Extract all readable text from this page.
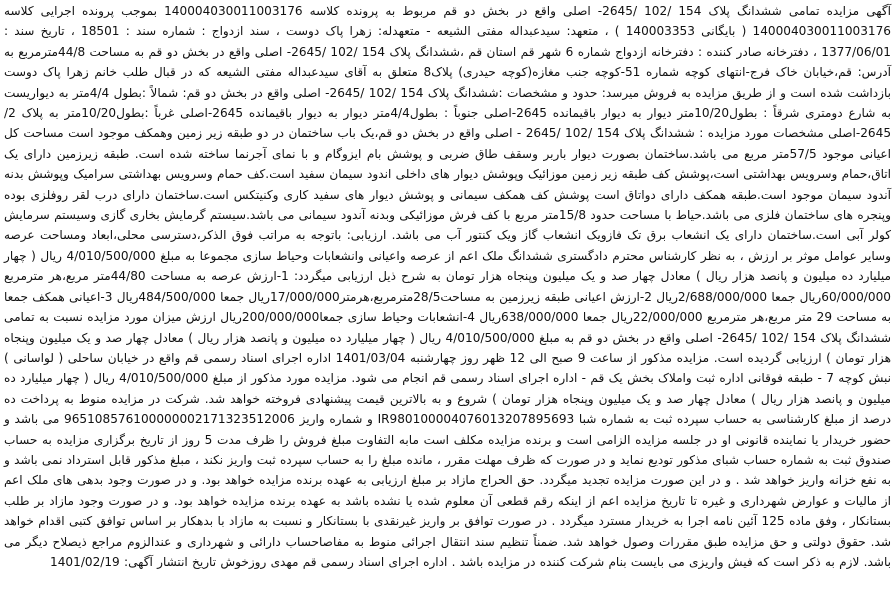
آگهی مزایده تمامی ششدانگ پلاک 154 /102 /2645- اصلی واقع در بخش دو قم مربوط به پرونده کلاسه 140004030011003176 بموجب پرونده اجرایی کلاسه 140004030011003176 ( بایگانی 140003353 ) ، متعهد: سیدعبداله مفتی الشیعه - متعهدله: زهرا پاک دوست ، سند ازدواج : شماره سند : 18501 ، تاریخ سند : 1377/06/01 ، دفترخانه صادر کننده : دفترخانه ازدواج شماره 6 شهر قم استان قم ،ششدانگ پلاک 154 /102 /2645- اصلی واقع در بخش دو قم به مساحت 44/8مترمربع به آدرس: قم،خیابان خاک فرج-انتهای کوچه شماره 51-کوچه جنب مغازه(کوچه حیدری) پلاک8 متعلق به آقای سیدعبداله مفتی الشیعه که در قبال طلب خانم زهرا پاک دوست بازداشت شده است و از طریق مزایده به فروش میرسد: حدود و مشخصات :ششدانگ پلاک 154 /102 /2645- اصلی واقع در بخش دو قم: شمالاً :بطول 4/4متر به دیواریست به شارع دومتری شرقاً : بطول10/20متر دیوار به دیوار باقیمانده 2645-اصلی جنوباً : بطول4/4متر دیوار به دیوار باقیمانده 2645-اصلی غرباً :بطول10/20متر به پلاک 2/ 2645-اصلی مشخصات مورد مزایده : ششدانگ پلاک 154 /102 /2645 - اصلی واقع در بخش دو قم،یک باب ساختمان در دو طبقه زیر زمین وهمکف موجود است مساحت کل اعیانی موجود 57/5متر مربع می باشد.ساختمان بصورت دیوار باربر وسقف طاق ضربی و پوشش بام ایزوگام و با نمای آجرنما ساخته شده است. طبقه زیرزمین دارای یک اتاق،حمام وسرویس بهداشتی است،پوشش کف طبقه زیر زمین موزائیک وپوشش دیوار های داخلی اندود سیمان سفید است.کف حمام وسرویس بهداشتی سرامیک وپوشش بدنه آندود سیمان موجود است.طبقه همکف دارای دواتاق است پوشش کف همکف سیمانی و پوشش دیوار های سفید کاری وکنیتکس است.ساختمان دارای درب لقر روفلزی بوده وپنجره های ساختمان فلزی می باشد.حیاط با مساحت حدود 15/8متر مربع با کف فرش موزائیکی وبدنه آندود سیمانی می باشد.سیستم گرمایش بخاری گازی وسیستم سرمایش کولر آبی است.ساختمان دارای یک انشعاب برق تک فازویک انشعاب گاز ویک کنتور آب می باشد. ارزیابی: باتوجه به مراتب فوق الذکر،دسترسی محلی،ابعاد ومساحت عرصه وسایر عوامل موثر بر ارزش ، به نظر کارشناس محترم دادگستری ششدانگ ملک اعم از عرصه واعیانی وانشعابات وحیاط سازی مجموعا به مبلغ 4/010/500/000 ریال ( چهار میلیارد ده میلیون و پانصد هزار ریال ) معادل چهار صد و یک میلیون وپنجاه هزار تومان به شرح ذیل ارزیابی میگردد: 1-ارزش عرصه به مساحت 44/80متر مربع،هر مترمربع 60/000/000ریال جمعا 2/688/000/000ریال 2-ارزش اعیانی طبقه زیرزمین به مساحت28/5مترمربع،هرمتر17/000/000ریال جمعا 484/500/000ریال 3-اعیانی همکف جمعا به مساحت 29 متر مربع،هر مترمربع 22/000/000ریال جمعا 638/000/000ریال 4-انشعابات وحیاط سازی جمعا200/000/000ریال ارزش میزان مورد مزایده نسبت به تمامی ششدانگ پلاک 154 /102 /2645- اصلی واقع در بخش دو قم به مبلغ 4/010/500/000 ریال ( چهار میلیارد ده میلیون و پانصد هزار ریال ) معادل چهار صد و یک میلیون وپنجاه هزار تومان ) ارزیابی گردیده است. مزایده مذکور از ساعت 9 صبح الی 12 ظهر روز چهارشنبه 1401/03/04 اداره اجرای اسناد رسمی قم واقع در خیابان ساحلی ( لواسانی ) نبش کوچه 7 - طبقه فوقانی اداره ثبت واملاک بخش یک قم - اداره اجرای اسناد رسمی قم انجام می شود. مزایده مورد مذکور از مبلغ 4/010/500/000 ریال ( چهار میلیارد ده میلیون و پانصد هزار ریال ) معادل چهار صد و یک میلیون وپنجاه هزار تومان ) شروع و به بالاترین قیمت پیشنهادی فروخته خواهد شد. شرکت در مزایده منوط به پرداخت ده درصد از مبلغ کارشناسی به حساب سپرده ثبت به شماره شبا IR980100004076013207895693 و شماره واریز 965108576100000002171323512006 می باشد و حضور خریدار یا نماینده قانونی او در جلسه مزایده الزامی است و برنده مزایده مکلف است مابه التفاوت مبلغ فروش را ظرف مدت 5 روز از تاریخ برگزاری مزایده به حساب صندوق ثبت به شماره حساب شبای مذکور تودیع نماید و در صورت که ظرف مهلت مقرر ، مانده مبلغ را به حساب سپرده ثبت واریز نکند ، مبلغ مذکور قابل استرداد نمی باشد و به نفع خزانه واریز خواهد شد . و در این صورت مزایده تجدید میگردد. حق الحراج مازاد بر مبلغ ارزیابی به عهده برنده مزایده خواهد بود. و در صورت وجود بدهی های ملک اعم از مالیات و عوارض شهرداری و غیره تا تاریخ مزایده اعم از اینکه رقم قطعی آن معلوم شده یا نشده باشد به عهده برنده مزایده خواهد بود. و در صورت وجود مازاد بر طلب بستانکار ، وفق ماده 125 آئین نامه اجرا به خریدار مسترد میگردد . در صورت توافق بر واریز غیرنقدی با بستانکار و نسبت به مازاد با بدهکار بر اساس توافق کتبی اقدام خواهد شد. حقوق دولتی و حق مزایده طبق مقررات وصول خواهد شد. ضمناً تنظیم سند انتقال اجرائی منوط به مفاصاحساب دارائی و شهرداری و عندالزوم مراجع ذیصلاح دیگر می باشد. لازم به ذکر است که فیش واریزی می بایست بنام شرکت کننده در مزایده باشد . اداره اجرای اسناد رسمی قم مهدی روزخوش تاریخ انتشار آگهی: 1401/02/19
